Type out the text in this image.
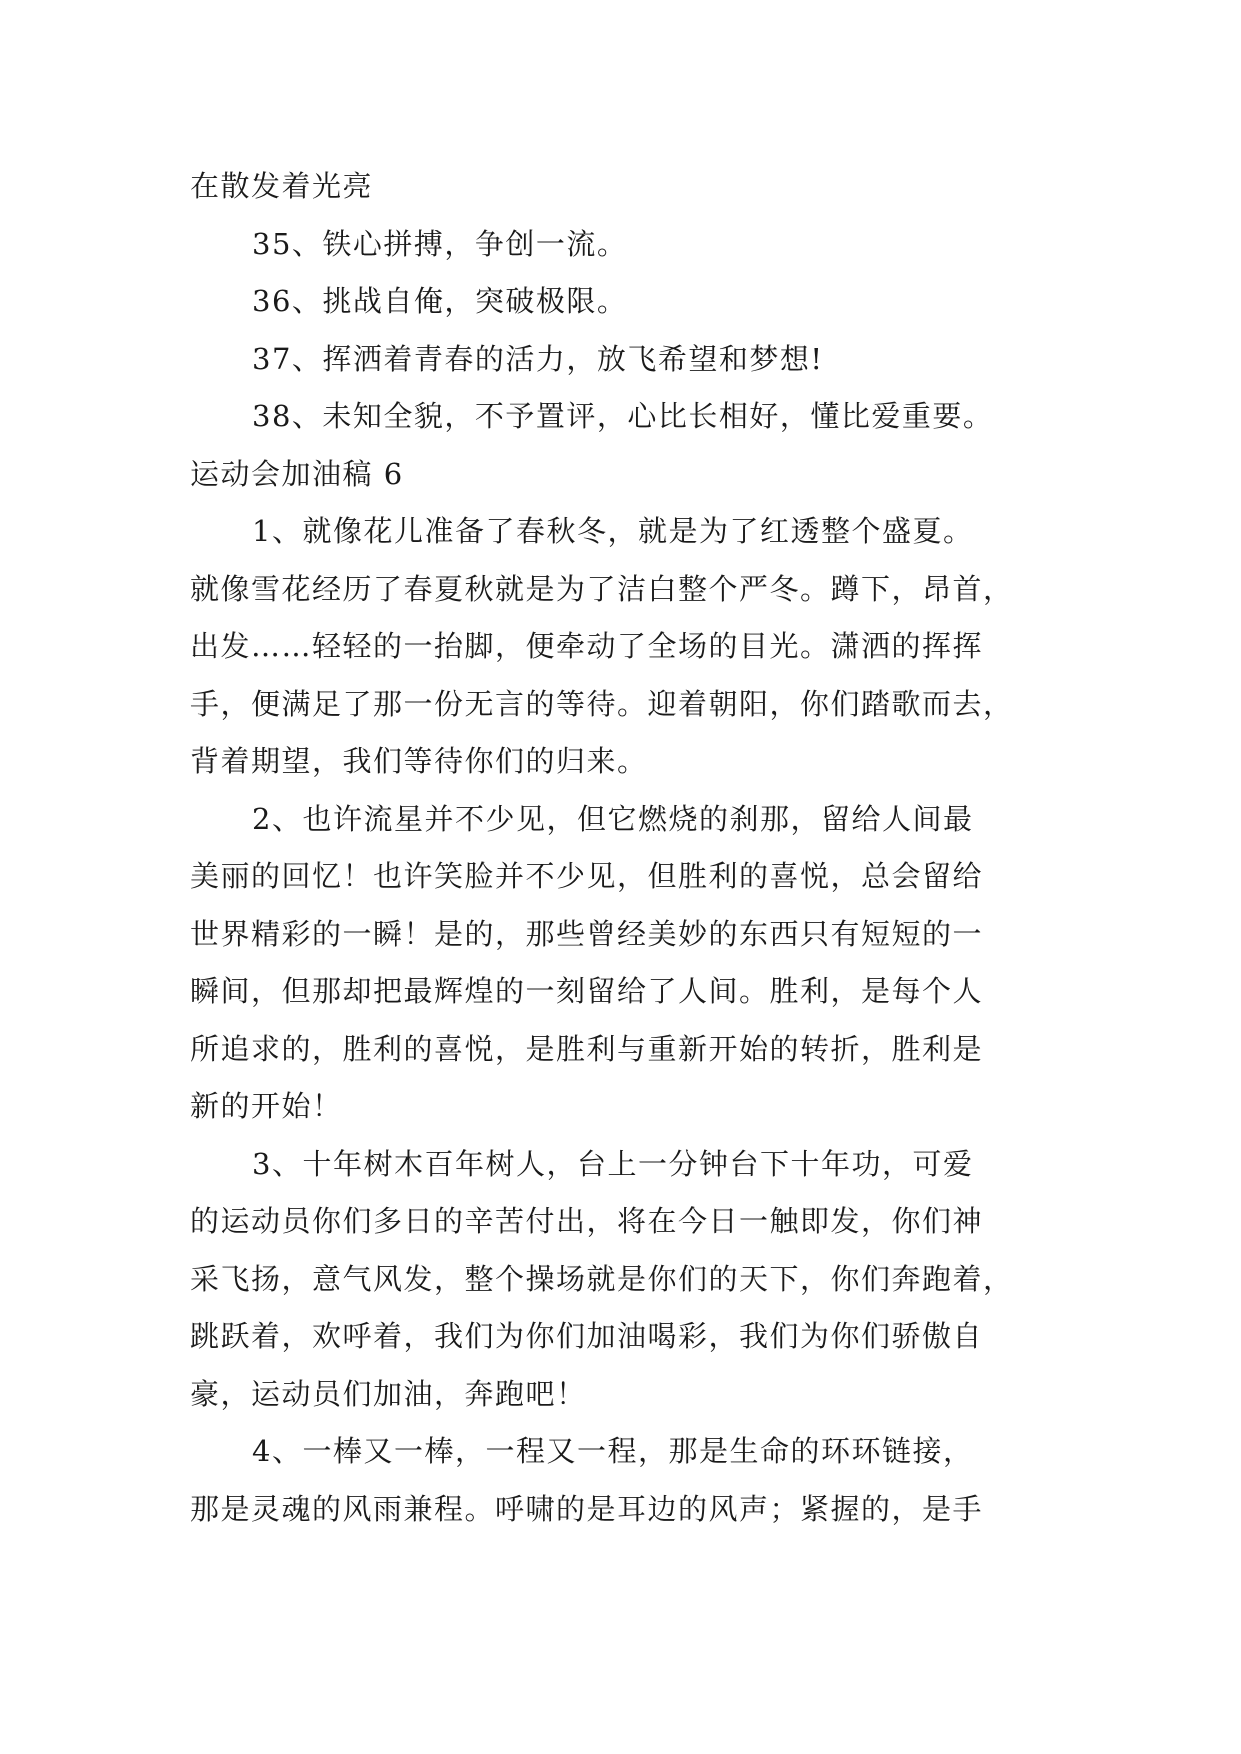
在散发着光亮

35、铁心拼搏，争创一流。

36、挑战自俺，突破极限。

37、挥洒着青春的活力，放飞希望和梦想!

38、未知全貌，不予置评，心比长相好，懂比爱重要。

运动会加油稿 6

1、就像花儿准备了春秋冬，就是为了红透整个盛夏。

就像雪花经历了春夏秋就是为了洁白整个严冬。蹲下，昂首，

出发……轻轻的一抬脚，便牵动了全场的目光。潇洒的挥挥

手，便满足了那一份无言的等待。迎着朝阳，你们踏歌而去，

背着期望，我们等待你们的归来。

2、也许流星并不少见，但它燃烧的刹那，留给人间最

美丽的回忆！也许笑脸并不少见，但胜利的喜悦，总会留给

世界精彩的一瞬！是的，那些曾经美妙的东西只有短短的一

瞬间，但那却把最辉煌的一刻留给了人间。胜利，是每个人

所追求的，胜利的喜悦，是胜利与重新开始的转折，胜利是

新的开始！

3、十年树木百年树人，台上一分钟台下十年功，可爱

的运动员你们多日的辛苦付出，将在今日一触即发，你们神

采飞扬，意气风发，整个操场就是你们的天下，你们奔跑着，

跳跃着，欢呼着，我们为你们加油喝彩，我们为你们骄傲自

豪，运动员们加油，奔跑吧！

4、一棒又一棒，一程又一程，那是生命的环环链接，

那是灵魂的风雨兼程。呼啸的是耳边的风声；紧握的，是手
